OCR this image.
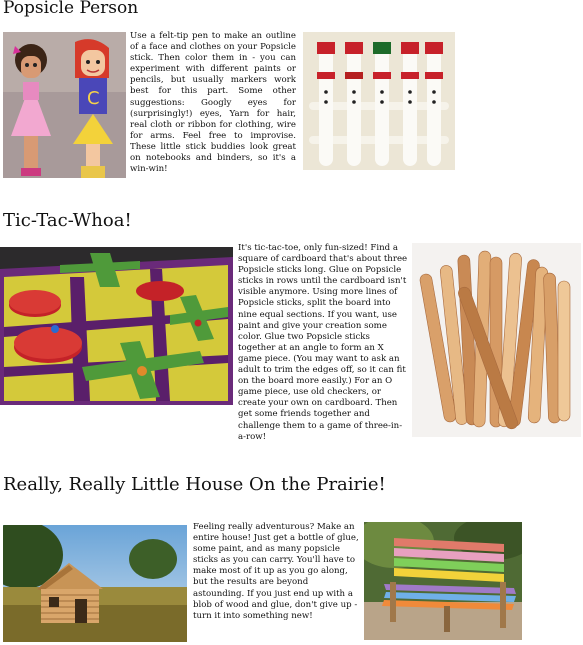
Popsicle Person
C

Use a felt-tip pen to make an outline of a face and clothes on your Popsicle stick. Then color them in - you can experiment with different paints or pencils, but usually markers work best for this part. Some other suggestions: Googly eyes for (surprisingly!) eyes, Yarn for hair, real cloth or ribbon for clothing, wire for arms. Feel free to improvise. These little stick buddies look great on notebooks and binders, so it's a win-win!

Tic-Tac-Whoa!

It's tic-tac-toe, only fun-sized! Find a square of cardboard that's about three Popsicle sticks long. Glue on Popsicle sticks in rows until the cardboard isn't visible anymore. Using more lines of Popsicle sticks, split the board into nine equal sections. If you want, use paint and give your creation some color. Glue two Popsicle sticks together at an angle to form an X game piece. (You may want to ask an adult to trim the edges off, so it can fit on the board more easily.) For an O game piece, use old checkers, or create your own on cardboard. Then get some friends together and challenge them to a game of three-in-a-row!

Really, Really Little House On the Prairie!

Feeling really adventurous? Make an entire house! Just get a bottle of glue, some paint, and as many popsicle sticks as you can carry. You'll have to make most of it up as you go along, but the results are beyond astounding. If you just end up with a blob of wood and glue, don't give up - turn it into something new!
